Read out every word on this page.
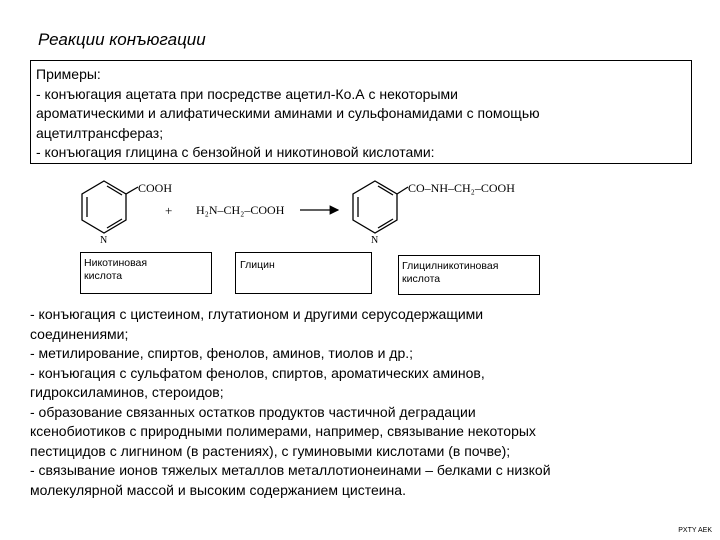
Реакции конъюгации
Примеры:
- конъюгация ацетата при посредстве ацетил-Ко.А с некоторыми
ароматическими и алифатическими аминами и сульфонамидами с помощью
ацетилтрансфераз;
- конъюгация глицина с бензойной и никотиновой кислотами:
COOH
N
+ H₂N–CH₂–COOH
CO–NH–CH₂–COOH
N
Никотиновая
кислота
Глицин	Глицилникотиновая
кислота
- конъюгация с цистеином, глутатионом и другими серусодержащими
соединениями;
- метилирование, спиртов, фенолов, аминов, тиолов и др.;
- конъюгация с сульфатом фенолов, спиртов, ароматических аминов,
гидроксиламинов, стероидов;
- образование связанных остатков продуктов частичной деградации
ксенобиотиков с природными полимерами, например, связывание некоторых
пестицидов с лигнином (в растениях), с гуминовыми кислотами (в почве);
- связывание ионов тяжелых металлов металлотионеинами – белками с низкой
молекулярной массой и высоким содержанием цистеина.
PXTY AEK
